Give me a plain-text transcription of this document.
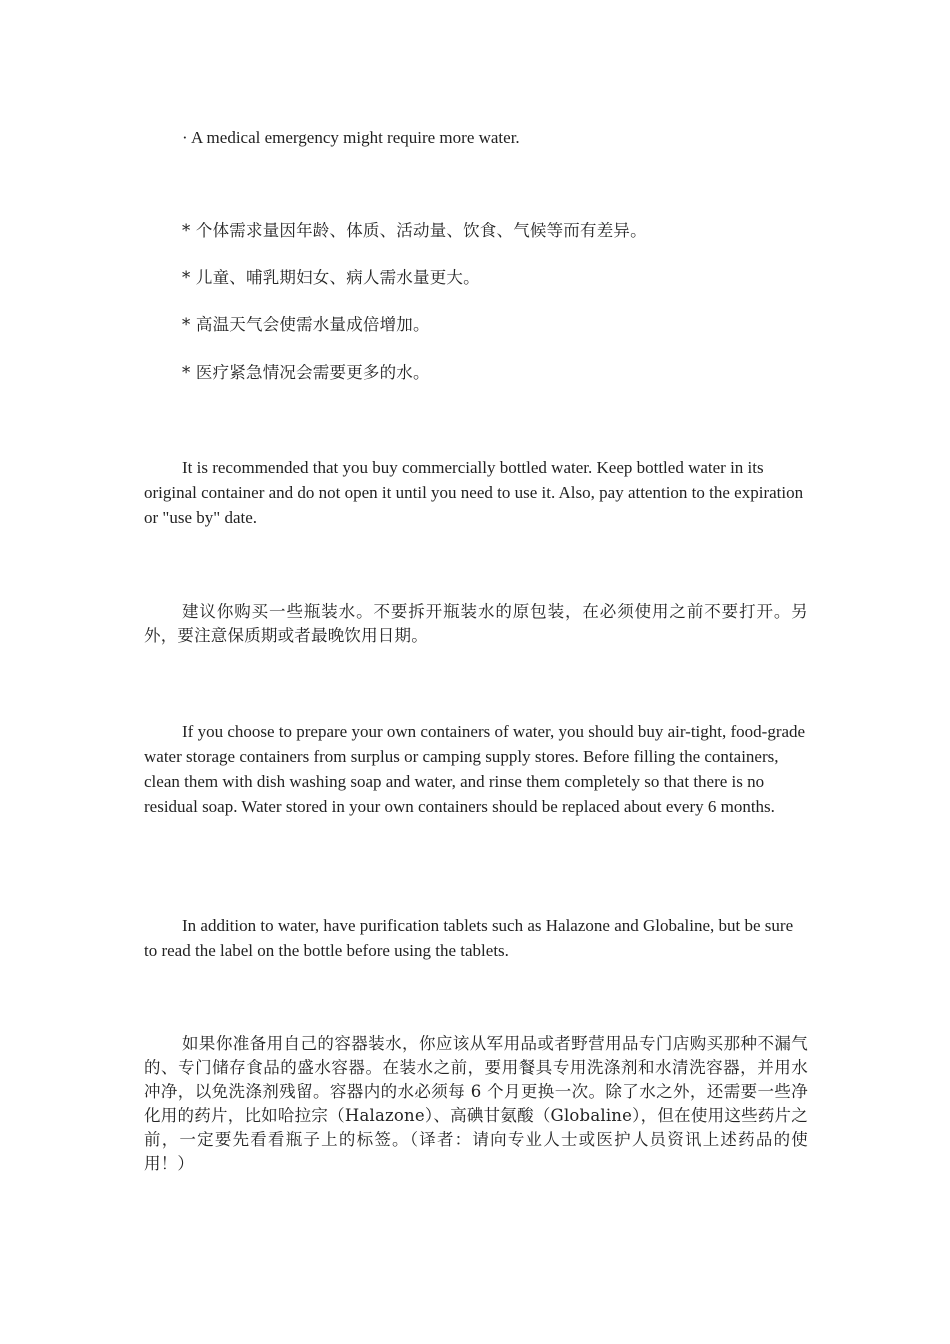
· A medical emergency might require more water.

* 个体需求量因年龄、体质、活动量、饮食、气候等而有差异。

* 儿童、哺乳期妇女、病人需水量更大。

* 高温天气会使需水量成倍增加。

* 医疗紧急情况会需要更多的水。

It is recommended that you buy commercially bottled water. Keep bottled water in its original container and do not open it until you need to use it. Also, pay attention to the expiration or "use by" date.

建议你购买一些瓶装水。不要拆开瓶装水的原包装，在必须使用之前不要打开。另外，要注意保质期或者最晚饮用日期。

If you choose to prepare your own containers of water, you should buy air-tight, food-grade water storage containers from surplus or camping supply stores. Before filling the containers, clean them with dish washing soap and water, and rinse them completely so that there is no residual soap. Water stored in your own containers should be replaced about every 6 months.

In addition to water, have purification tablets such as Halazone and Globaline, but be sure to read the label on the bottle before using the tablets.

如果你准备用自己的容器装水，你应该从军用品或者野营用品专门店购买那种不漏气的、专门储存食品的盛水容器。在装水之前，要用餐具专用洗涤剂和水清洗容器，并用水冲净，以免洗涤剂残留。容器内的水必须每 6 个月更换一次。除了水之外，还需要一些净化用的药片，比如哈拉宗（Halazone）、高碘甘氨酸（Globaline），但在使用这些药片之前，一定要先看看瓶子上的标签。（译者：请向专业人士或医护人员资讯上述药品的使用！）
